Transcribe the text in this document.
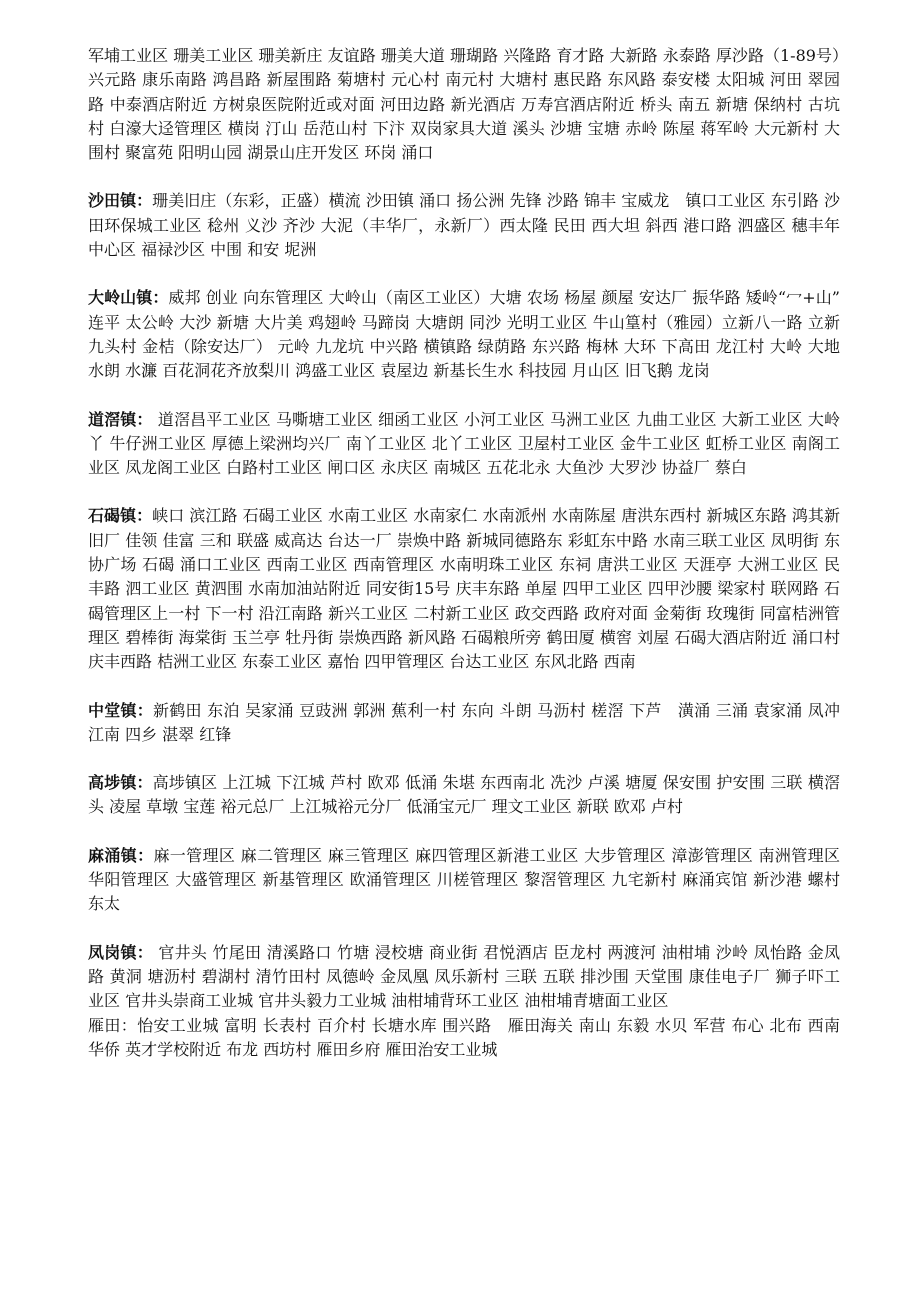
军埔工业区 珊美工业区 珊美新庄 友谊路 珊美大道 珊瑚路 兴隆路 育才路 大新路 永泰路 厚沙路（1-89号）兴元路 康乐南路 鸿昌路 新屋围路 菊塘村 元心村 南元村 大塘村 惠民路 东风路 泰安楼 太阳城 河田 翠园路 中泰酒店附近 方树泉医院附近或对面 河田边路 新光酒店 万寿宫酒店附近 桥头 南五 新塘 保纳村 古坑村 白濠大迳管理区 横岗 汀山 岳范山村 下汴 双岗家具大道 溪头 沙塘 宝塘 赤岭 陈屋 蒋军岭 大元新村 大围村 聚富苑 阳明山园 湖景山庄开发区 环岗 涌口

沙田镇：珊美旧庄（东彩，正盛）横流 沙田镇 涌口 扬公洲 先锋 沙路 锦丰 宝威龙　镇口工业区 东引路 沙田环保城工业区 稔州 义沙 齐沙 大泥（丰华厂，永新厂）西太隆 民田 西大坦 斜西 港口路 泗盛区 穗丰年 中心区 福禄沙区 中围 和安 坭洲

大岭山镇：威邦 创业 向东管理区 大岭山（南区工业区）大塘 农场 杨屋 颜屋 安达厂 振华路 矮岭“冖+山” 连平 太公岭 大沙 新塘 大片美 鸡翅岭 马蹄岗 大塘朗 同沙 光明工业区 牛山篁村（雅园）立新八一路 立新九头村 金桔（除安达厂） 元岭 九龙坑 中兴路 横镇路 绿荫路 东兴路 梅林 大环 下高田 龙江村 大岭 大地 水朗 水濂 百花洞花齐放梨川 鸿盛工业区 袁屋边 新基长生水 科技园 月山区 旧飞鹅 龙岗

道滘镇： 道滘昌平工业区 马嘶塘工业区 细函工业区 小河工业区 马洲工业区 九曲工业区 大新工业区 大岭丫 牛仔洲工业区 厚德上梁洲均兴厂 南丫工业区 北丫工业区 卫屋村工业区 金牛工业区 虹桥工业区 南阁工业区 凤龙阁工业区 白路村工业区 闸口区 永庆区 南城区 五花北永 大鱼沙 大罗沙 协益厂 蔡白

石碣镇：峡口 滨江路 石碣工业区 水南工业区 水南家仁 水南派州 水南陈屋 唐洪东西村 新城区东路 鸿其新旧厂 佳领 佳富 三和 联盛 威高达 台达一厂 崇焕中路 新城同德路东 彩虹东中路 水南三联工业区 凤明街 东协广场 石碣 涌口工业区 西南工业区 西南管理区 水南明珠工业区 东祠 唐洪工业区 天涯亭 大洲工业区 民丰路 泗工业区 黄泗围 水南加油站附近 同安街15号 庆丰东路 单屋 四甲工业区 四甲沙腰 梁家村 联网路 石碣管理区上一村 下一村 沿江南路 新兴工业区 二村新工业区 政交西路 政府对面 金菊街 玫瑰街 同富桔洲管理区 碧棒街 海棠街 玉兰亭 牡丹街 崇焕西路 新风路 石碣粮所旁 鹤田厦 横窖 刘屋 石碣大酒店附近 涌口村 庆丰西路 桔洲工业区 东泰工业区 嘉怡 四甲管理区 台达工业区 东风北路 西南

中堂镇：新鹤田 东泊 吴家涌 豆豉洲 郭洲 蕉利一村 东向 斗朗 马沥村 槎滘 下芦　潢涌 三涌 袁家涌 凤冲 江南 四乡 湛翠 红锋

高埗镇：高埗镇区 上江城 下江城 芦村 欧邓 低涌 朱堪 东西南北 冼沙 卢溪 塘厦 保安围 护安围 三联 横滘头 凌屋 草墩 宝莲 裕元总厂 上江城裕元分厂 低涌宝元厂 理文工业区 新联 欧邓 卢村

麻涌镇：麻一管理区 麻二管理区 麻三管理区 麻四管理区新港工业区 大步管理区 漳澎管理区 南洲管理区 华阳管理区 大盛管理区 新基管理区 欧涌管理区 川槎管理区 黎滘管理区 九宅新村 麻涌宾馆 新沙港 螺村 东太

凤岗镇： 官井头 竹尾田 清溪路口 竹塘 浸校塘 商业街 君悦酒店 臣龙村 两渡河 油柑埔 沙岭 凤怡路 金凤路 黄洞 塘沥村 碧湖村 清竹田村 凤德岭 金凤凰 凤乐新村 三联 五联 排沙围 天堂围 康佳电子厂 狮子吓工业区 官井头崇商工业城 官井头毅力工业城 油柑埔背环工业区 油柑埔青塘面工业区

雁田：怡安工业城 富明 长表村 百介村 长塘水库 围兴路　雁田海关 南山 东毅 水贝 军营 布心 北布 西南 华侨 英才学校附近 布龙 西坊村 雁田乡府 雁田治安工业城
